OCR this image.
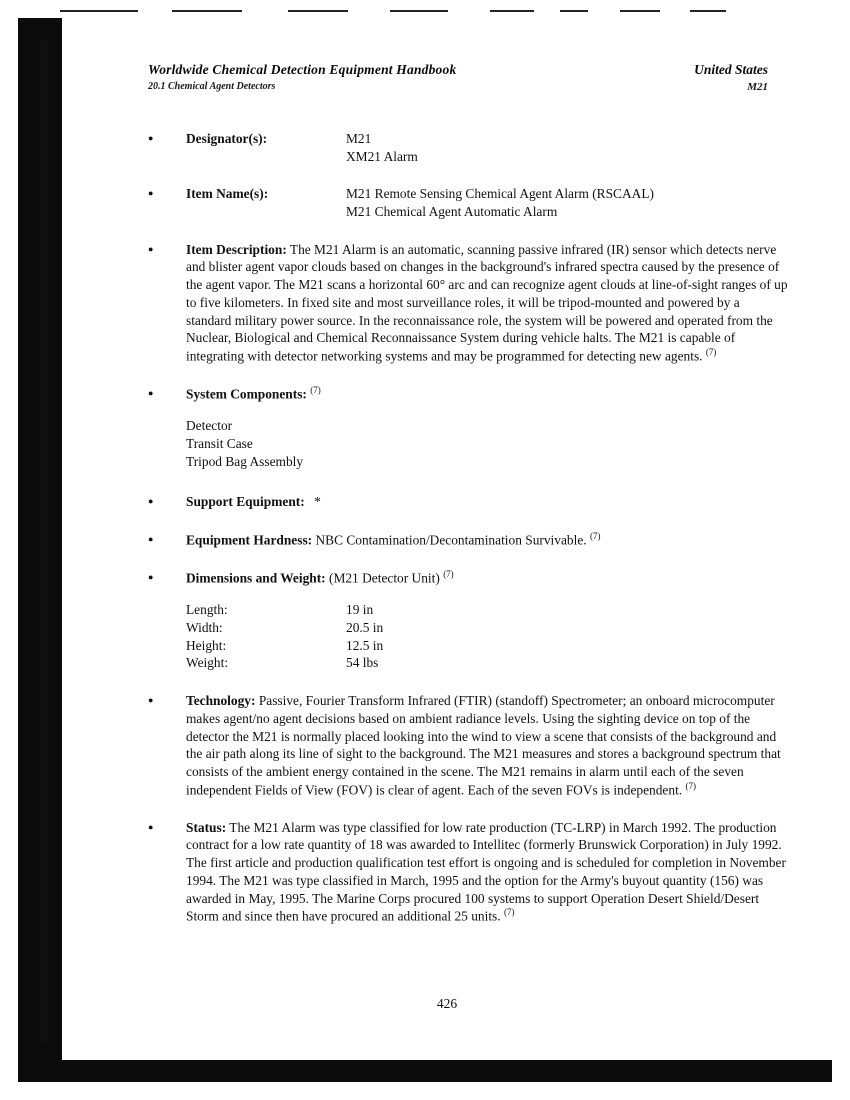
Worldwide Chemical Detection Equipment Handbook
20.1 Chemical Agent Detectors
United States
M21
●
Designator(s):	M21
XM21 Alarm
●
Item Name(s):	M21 Remote Sensing Chemical Agent Alarm (RSCAAL)
M21 Chemical Agent Automatic Alarm
●
Item Description: The M21 Alarm is an automatic, scanning passive infrared (IR) sensor which detects nerve and blister agent vapor clouds based on changes in the background's infrared spectra caused by the presence of the agent vapor. The M21 scans a horizontal 60° arc and can recognize agent clouds at line-of-sight ranges of up to five kilometers. In fixed site and most surveillance roles, it will be tripod-mounted and powered by a standard military power source. In the reconnaissance role, the system will be powered and operated from the Nuclear, Biological and Chemical Reconnaissance System during vehicle halts. The M21 is capable of integrating with detector networking systems and may be programmed for detecting new agents. $^{(7)}$
●
System Components: $^{(7)}$
Detector
Transit Case
Tripod Bag Assembly
●
Support Equipment: *
●
Equipment Hardness: NBC Contamination/Decontamination Survivable. $^{(7)}$
●
Dimensions and Weight: (M21 Detector Unit) $^{(7)}$
Length:	19 in
Width:	20.5 in
Height:	12.5 in
Weight:	54 lbs
●
Technology: Passive, Fourier Transform Infrared (FTIR) (standoff) Spectrometer; an onboard microcomputer makes agent/no agent decisions based on ambient radiance levels. Using the sighting device on top of the detector the M21 is normally placed looking into the wind to view a scene that consists of the background and the air path along its line of sight to the background. The M21 measures and stores a background spectrum that consists of the ambient energy contained in the scene. The M21 remains in alarm until each of the seven independent Fields of View (FOV) is clear of agent. Each of the seven FOVs is independent. $^{(7)}$
●
Status: The M21 Alarm was type classified for low rate production (TC-LRP) in March 1992. The production contract for a low rate quantity of 18 was awarded to Intellitec (formerly Brunswick Corporation) in July 1992. The first article and production qualification test effort is ongoing and is scheduled for completion in November 1994. The M21 was type classified in March, 1995 and the option for the Army's buyout quantity (156) was awarded in May, 1995. The Marine Corps procured 100 systems to support Operation Desert Shield/Desert Storm and since then have procured an additional 25 units. $^{(7)}$
426
